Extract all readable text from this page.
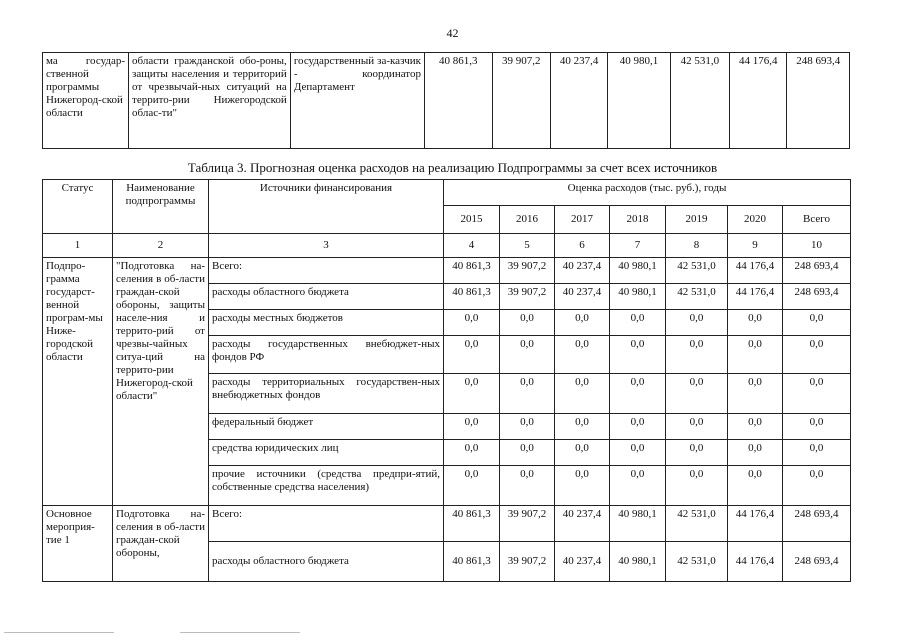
42
ма государ-ственной программы Нижегород-ской области	области гражданской обо-роны, защиты населения и территорий от чрезвычай-ных ситуаций на террито-рии Нижегородской облас-ти"	государственный за-казчик - координатор Департамент	40 861,3	39 907,2	40 237,4	40 980,1	42 531,0	44 176,4	248 693,4
Таблица 3. Прогнозная оценка расходов на реализацию Подпрограммы за счет всех источников
Статус	Наименование подпрограммы	Источники финансирования	Оценка расходов (тыс. руб.), годы						
			2015	2016	2017	2018	2019	2020	Всего
1	2	3	4	5	6	7	8	9	10
Подпро-грамма государст-венной програм-мы Ниже-городской области	"Подготовка на-селения в об-ласти граждан-ской обороны, защиты населе-ния и террито-рий от чрезвы-чайных ситуа-ций на террито-рии Нижегород-ской области"	Всего:	40 861,3	39 907,2	40 237,4	40 980,1	42 531,0	44 176,4	248 693,4
		расходы областного бюджета	40 861,3	39 907,2	40 237,4	40 980,1	42 531,0	44 176,4	248 693,4
		расходы местных бюджетов	0,0	0,0	0,0	0,0	0,0	0,0	0,0
		расходы государственных внебюджет-ных фондов РФ	0,0	0,0	0,0	0,0	0,0	0,0	0,0
		расходы территориальных государствен-ных внебюджетных фондов	0,0	0,0	0,0	0,0	0,0	0,0	0,0
		федеральный бюджет	0,0	0,0	0,0	0,0	0,0	0,0	0,0
		средства юридических лиц	0,0	0,0	0,0	0,0	0,0	0,0	0,0
		прочие источники (средства предпри-ятий, собственные средства населения)	0,0	0,0	0,0	0,0	0,0	0,0	0,0
Основное мероприя-тие 1	Подготовка на-селения в об-ласти граждан-ской обороны,	Всего:	40 861,3	39 907,2	40 237,4	40 980,1	42 531,0	44 176,4	248 693,4
		расходы областного бюджета	40 861,3	39 907,2	40 237,4	40 980,1	42 531,0	44 176,4	248 693,4
